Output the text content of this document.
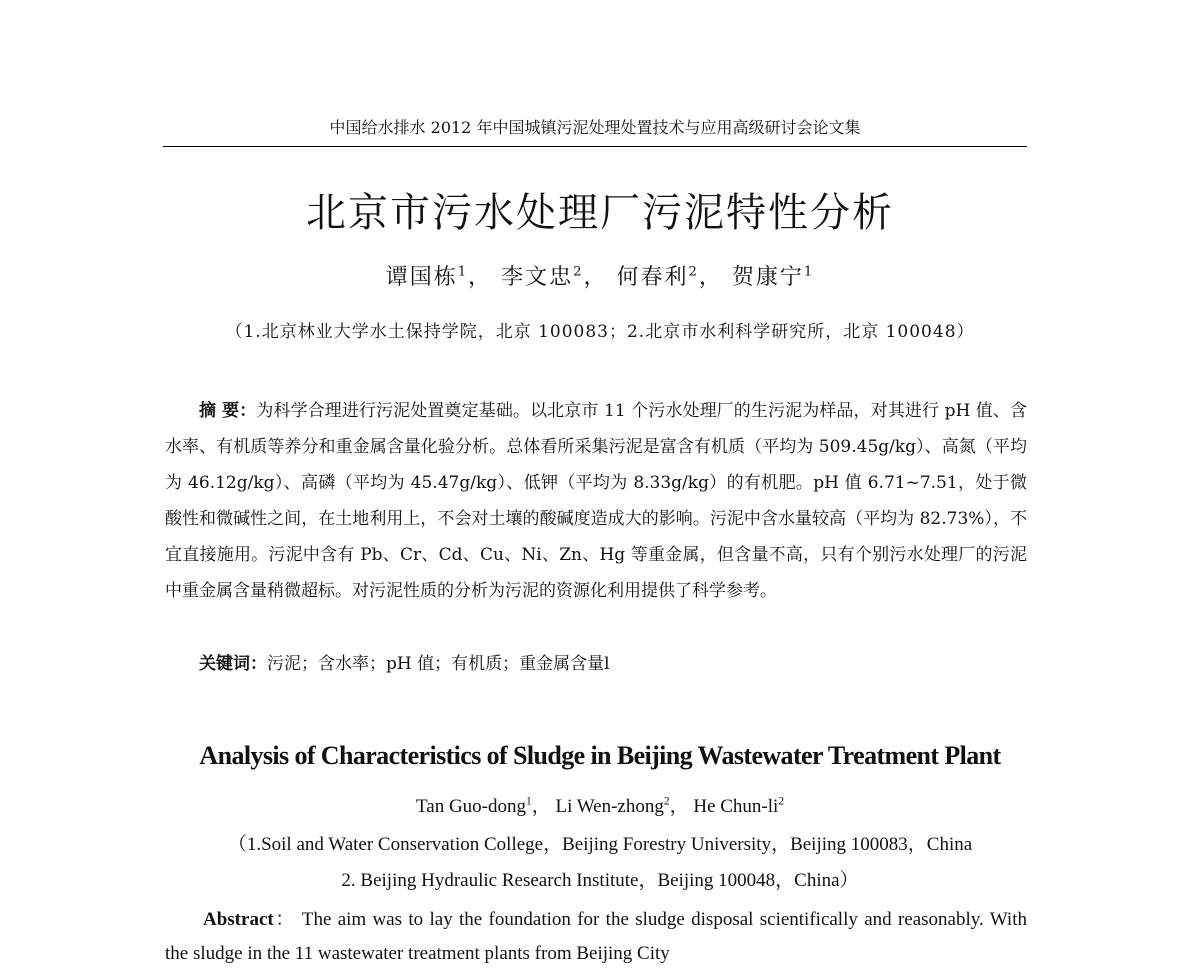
中国给水排水 2012 年中国城镇污泥处理处置技术与应用高级研讨会论文集
北京市污水处理厂污泥特性分析
谭国栋$^1$， 李文忠$^2$， 何春利$^2$， 贺康宁$^1$
（1.北京林业大学水土保持学院，北京 100083；2.北京市水利科学研究所，北京 100048）

摘 要：为科学合理进行污泥处置奠定基础。以北京市 11 个污水处理厂的生污泥为样品，对其进行 pH 值、含水率、有机质等养分和重金属含量化验分析。总体看所采集污泥是富含有机质（平均为 509.45g/kg）、高氮（平均为 46.12g/kg）、高磷（平均为 45.47g/kg）、低钾（平均为 8.33g/kg）的有机肥。pH 值 6.71~7.51，处于微酸性和微碱性之间，在土地利用上，不会对土壤的酸碱度造成大的影响。污泥中含水量较高（平均为 82.73%），不宜直接施用。污泥中含有 Pb、Cr、Cd、Cu、Ni、Zn、Hg 等重金属，但含量不高，只有个别污水处理厂的污泥中重金属含量稍微超标。对污泥性质的分析为污泥的资源化利用提供了科学参考。

关键词：污泥；含水率；pH 值；有机质；重金属含量l

Analysis of Characteristics of Sludge in Beijing Wastewater Treatment Plant
Tan Guo-dong$^1$， Li Wen-zhong$^2$， He Chun-$li^2$
（1.Soil and Water Conservation College，Beijing Forestry University，Beijing 100083，China
2. Beijing Hydraulic Research Institute，Beijing 100048，China）

Abstract： The aim was to lay the foundation for the sludge disposal scientifically and reasonably. With the sludge in the 11 wastewater treatment plants from Beijing City
